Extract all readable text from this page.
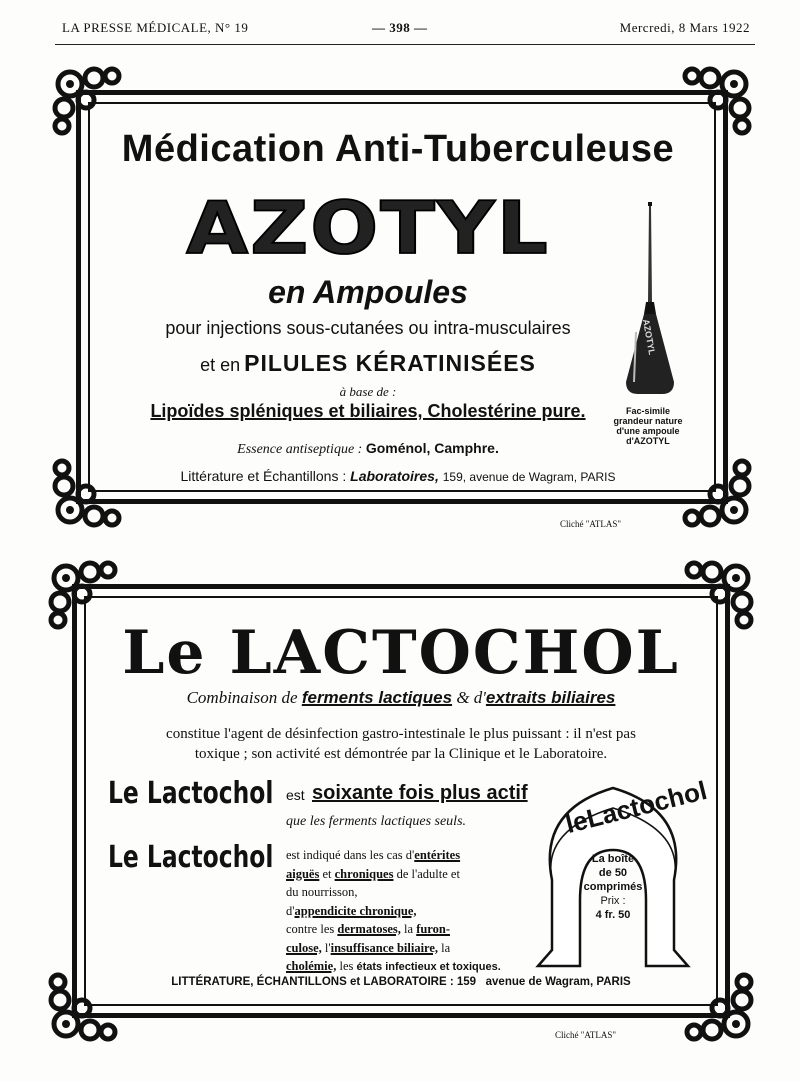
LA PRESSE MÉDICALE, N° 19	— 398 —	Mercredi, 8 Mars 1922
Médication Anti-Tuberculeuse
AZOTYL
en Ampoules
pour injections sous-cutanées ou intra-musculaires
et en PILULES KÉRATINISÉES
à base de :
Lipoïdes spléniques et biliaires, Cholestérine pure.
Essence antiseptique : Goménol, Camphre.
Littérature et Échantillons : Laboratoires, 159, avenue de Wagram, PARIS
AZOTYL
Fac-simile
grandeur nature
d'une ampoule
d'AZOTYL
Cliché "ATLAS"
Le LACTOCHOL
Combinaison de ferments lactiques & d'extraits biliaires
constitue l'agent de désinfection gastro-intestinale le plus puissant : il n'est pas
toxique ; son activité est démontrée par la Clinique et le Laboratoire.
Le Lactochol est soixante fois plus actif
que les ferments lactiques seuls.
Le Lactochol est indiqué dans les cas d'entérites
aiguës et chroniques de l'adulte et
du nourrisson,
d'appendicite chronique,
contre les dermatoses, la furon-
culose, l'insuffisance biliaire, la
cholémie, les états infectieux et toxiques.
leLactochol
La boîte
de 50
comprimés
Prix :
4 fr. 50
LITTÉRATURE, ÉCHANTILLONS et LABORATOIRE : 159   avenue de Wagram, PARIS
Cliché "ATLAS"
